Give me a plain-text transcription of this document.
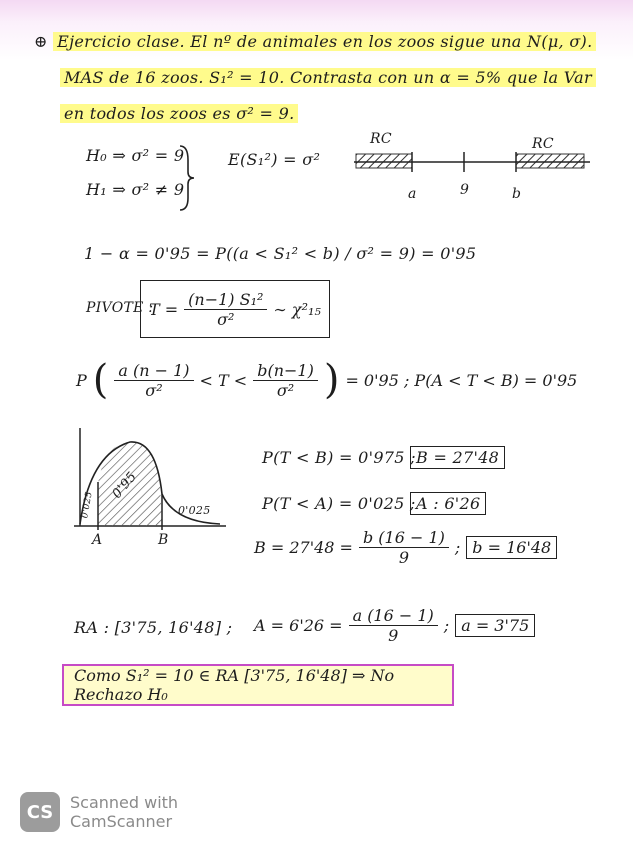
⊕ Ejercicio clase. El nº de animales en los zoos sigue una N(μ, σ).
MAS de 16 zoos. S₁² = 10. Contrasta con un α = 5% que la Var
en todos los zoos es σ² = 9.
H₀ ⇒ σ² = 9
H₁ ⇒ σ² ≠ 9
E(S₁²) = σ²
RC	RC
a	9	b
1 − α = 0'95 = P((a < S₁² < b) / σ² = 9) = 0'95
PIVOTE :
$T = \frac{\text{(n−1) S₁²}}{\text{σ²}}$ ∼ χ²₁₅
P ( $\frac{a (n - 1)}{\text{σ²}} < T < \frac{b(n-1)}{\text{σ²}}$ ) = 0'95 ; P(A < T < B) = 0'95
0'95
0'025	0'025
A	B
P(T < B) = 0'975 ; B = 27'48
P(T < A) = 0'025 ; A : 6'26
$B = 27'48 = \frac{b (16 - 1)}{9}$ ; b = 16'48
$A = 6'26 = \frac{a (16 - 1)}{9}$ ; a = 3'75
RA : [3'75, 16'48] ;
Como S₁² = 10 ∈ RA [3'75, 16'48] ⇒ No Rechazo H₀
CS	Scanned with
CamScanner
